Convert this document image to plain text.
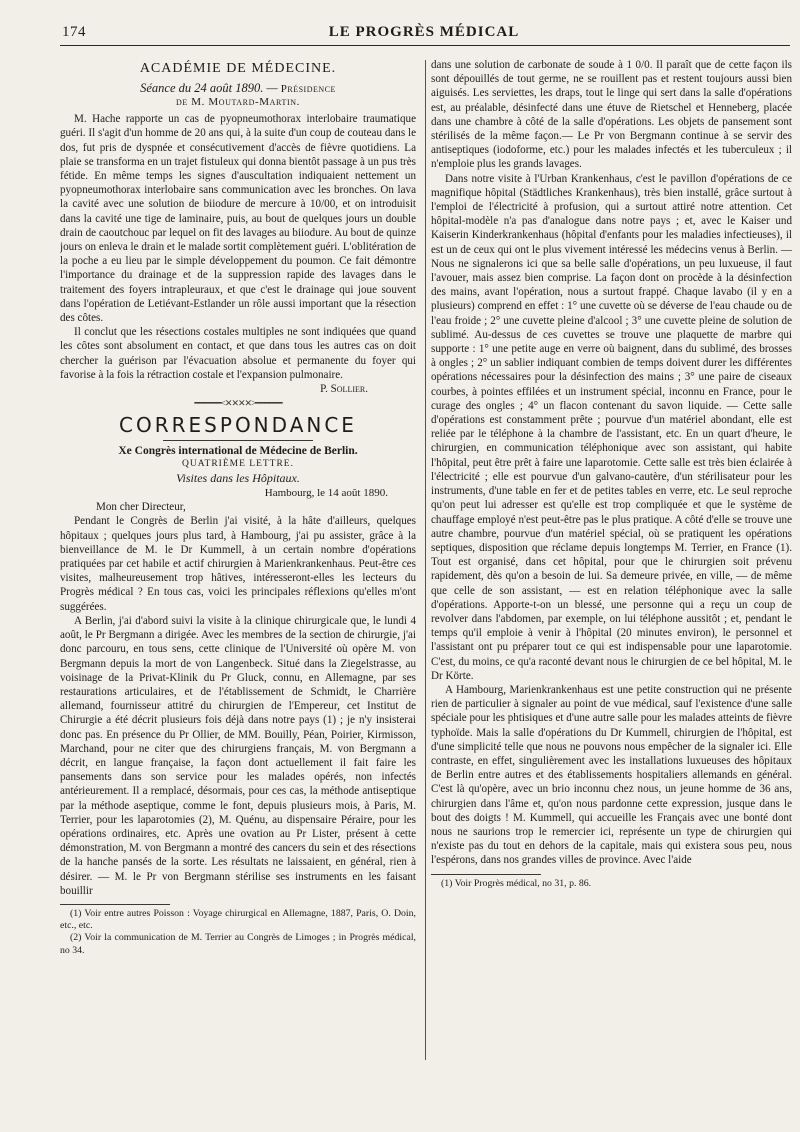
174	LE PROGRÈS MÉDICAL
ACADÉMIE DE MÉDECINE.

Séance du 24 août 1890. — Présidence

de M. Moutard-Martin.

M. Hache rapporte un cas de pyopneumothorax interlobaire traumatique guéri. Il s'agit d'un homme de 20 ans qui, à la suite d'un coup de couteau dans le dos, fut pris de dyspnée et consécutivement d'accès de fièvre quotidiens. La plaie se transforma en un trajet fistuleux qui donna bientôt passage à un pus très fétide. En même temps les signes d'auscultation indiquaient nettement un pyopneumothorax interlobaire sans communication avec les bronches. On lava la cavité avec une solution de biiodure de mercure à 10/00, et on introduisit dans la cavité une tige de laminaire, puis, au bout de quelques jours un double drain de caoutchouc par lequel on fit des lavages au biiodure. Au bout de quinze jours on enleva le drain et le malade sortit complètement guéri. L'oblitération de la poche a eu lieu par le simple développement du poumon. Ce fait démontre l'importance du drainage et de la suppression rapide des lavages dans le traitement des foyers intrapleuraux, et que c'est le drainage qui joue souvent dans l'opération de Letiévant-Estlander un rôle aussi important que la résection des côtes.

Il conclut que les résections costales multiples ne sont indiquées que quand les côtes sont absolument en contact, et que dans tous les autres cas on doit chercher la guérison par l'évacuation absolue et permanente du foyer qui favorise à la fois la rétraction costale et l'expansion pulmonaire.

P. Sollier.

━━━━━━<✕✕✕✕>━━━━━━
CORRESPONDANCE
Xe Congrès international de Médecine de Berlin.
QUATRIÈME LETTRE.
Visites dans les Hôpitaux.
Hambourg, le 14 août 1890.

Mon cher Directeur,

Pendant le Congrès de Berlin j'ai visité, à la hâte d'ailleurs, quelques hôpitaux ; quelques jours plus tard, à Hambourg, j'ai pu assister, grâce à la bienveillance de M. le Dr Kummell, à un certain nombre d'opérations pratiquées par cet habile et actif chirurgien à Marienkrankenhaus. Peut-être ces visites, malheureusement trop hâtives, intéresseront-elles les lecteurs du Progrès médical ? En tous cas, voici les principales réflexions qu'elles m'ont suggérées.

A Berlin, j'ai d'abord suivi la visite à la clinique chirurgicale que, le lundi 4 août, le Pr Bergmann a dirigée. Avec les membres de la section de chirurgie, j'ai donc parcouru, en tous sens, cette clinique de l'Université où opère M. von Bergmann depuis la mort de von Langenbeck. Situé dans la Ziegelstrasse, au voisinage de la Privat-Klinik du Pr Gluck, connu, en Allemagne, par ses restaurations articulaires, et de l'établissement de Schmidt, le Charrière allemand, fournisseur attitré du chirurgien de l'Empereur, cet Institut de Chirurgie a été décrit plusieurs fois déjà dans notre pays (1) ; je n'y insisterai donc pas. En présence du Pr Ollier, de MM. Bouilly, Péan, Poirier, Kirmisson, Marchand, pour ne citer que des chirurgiens français, M. von Bergmann a décrit, en langue française, la façon dont actuellement il fait faire les pansements dans son service pour les malades opérés, non infectés antérieurement. Il a remplacé, désormais, pour ces cas, la méthode antiseptique par la méthode aseptique, comme le font, depuis plusieurs mois, à Paris, M. Terrier, pour les laparotomies (2), M. Quénu, au dispensaire Péraire, pour les opérations ordinaires, etc. Après une ovation au Pr Lister, présent à cette démonstration, M. von Bergmann a montré des cancers du sein et des résections de la hanche pansés de la sorte. Les résultats ne laissaient, en général, rien à désirer. — M. le Pr von Bergmann stérilise ses instruments en les faisant bouillir

(1) Voir entre autres Poisson : Voyage chirurgical en Allemagne, 1887, Paris, O. Doin, etc., etc.

(2) Voir la communication de M. Terrier au Congrès de Limoges ; in Progrès médical, no 34.

dans une solution de carbonate de soude à 1 0/0. Il paraît que de cette façon ils sont dépouillés de tout germe, ne se rouillent pas et restent toujours aussi bien aiguisés. Les serviettes, les draps, tout le linge qui sert dans la salle d'opérations est, au préalable, désinfecté dans une étuve de Rietschel et Henneberg, placée dans une chambre à côté de la salle d'opérations. Les objets de pansement sont stérilisés de la même façon.— Le Pr von Bergmann continue à se servir des antiseptiques (iodoforme, etc.) pour les malades infectés et les tuberculeux ; il n'emploie plus les grands lavages.

Dans notre visite à l'Urban Krankenhaus, c'est le pavillon d'opérations de ce magnifique hôpital (Städtliches Krankenhaus), très bien installé, grâce surtout à l'emploi de l'électricité à profusion, qui a surtout attiré notre attention. Cet hôpital-modèle n'a pas d'analogue dans notre pays ; et, avec le Kaiser und Kaiserin Kinderkrankenhaus (hôpital d'enfants pour les maladies infectieuses), il est un de ceux qui ont le plus vivement intéressé les médecins venus à Berlin. — Nous ne signalerons ici que sa belle salle d'opérations, un peu luxueuse, il faut l'avouer, mais assez bien comprise. La façon dont on procède à la désinfection des mains, avant l'opération, nous a surtout frappé. Chaque lavabo (il y en a plusieurs) comprend en effet : 1° une cuvette où se déverse de l'eau chaude ou de l'eau froide ; 2° une cuvette pleine d'alcool ; 3° une cuvette pleine de solution de sublimé. Au-dessus de ces cuvettes se trouve une plaquette de marbre qui supporte : 1° une petite auge en verre où baignent, dans du sublimé, des brosses à ongles ; 2° un sablier indiquant combien de temps doivent durer les différentes opérations nécessaires pour la désinfection des mains ; 3° une paire de ciseaux courbes, à pointes effilées et un instrument spécial, inconnu en France, pour le curage des ongles ; 4° un flacon contenant du savon liquide. — Cette salle d'opérations est constamment prête ; pourvue d'un matériel abondant, elle est reliée par le téléphone à la chambre de l'assistant, etc. En un quart d'heure, le chirurgien, en communication téléphonique avec son assistant, qui habite l'hôpital, peut être prêt à faire une laparotomie. Cette salle est très bien éclairée à l'électricité ; elle est pourvue d'un galvano-cautère, d'un stérilisateur pour les instruments, d'une table en fer et de petites tables en verre, etc. Le seul reproche qu'on peut lui adresser est qu'elle est trop compliquée et que le système de chauffage employé n'est peut-être pas le plus pratique. A côté d'elle se trouve une autre chambre, pourvue d'un matériel spécial, où se pratiquent les opérations septiques, disposition que réclame depuis longtemps M. Terrier, en France (1). Tout est organisé, dans cet hôpital, pour que le chirurgien soit prévenu rapidement, dès qu'on a besoin de lui. Sa demeure privée, en ville, — de même que celle de son assistant, — est en relation téléphonique avec la salle d'opérations. Apporte-t-on un blessé, une personne qui a reçu un coup de revolver dans l'abdomen, par exemple, on lui téléphone aussitôt ; et, pendant le temps qu'il emploie à venir à l'hôpital (20 minutes environ), le personnel et l'assistant ont pu préparer tout ce qui est indispensable pour une laparotomie. C'est, du moins, ce qu'a raconté devant nous le chirurgien de ce bel hôpital, M. le Dr Körte.

A Hambourg, Marienkrankenhaus est une petite construction qui ne présente rien de particulier à signaler au point de vue médical, sauf l'existence d'une salle spéciale pour les phtisiques et d'une autre salle pour les malades atteints de fièvre typhoïde. Mais la salle d'opérations du Dr Kummell, chirurgien de l'hôpital, est d'une simplicité telle que nous ne pouvons nous empêcher de la signaler ici. Elle contraste, en effet, singulièrement avec les installations luxueuses des hôpitaux de Berlin entre autres et des établissements hospitaliers allemands en général. C'est là qu'opère, avec un brio inconnu chez nous, un jeune homme de 36 ans, chirurgien dans l'âme et, qu'on nous pardonne cette expression, jusque dans le bout des doigts ! M. Kummell, qui accueille les Français avec une bonté dont nous ne saurions trop le remercier ici, représente un type de chirurgien qui n'existe pas du tout en dehors de la capitale, mais qui existera sous peu, nous l'espérons, dans nos grandes villes de province. Avec l'aide

(1) Voir Progrès médical, no 31, p. 86.
